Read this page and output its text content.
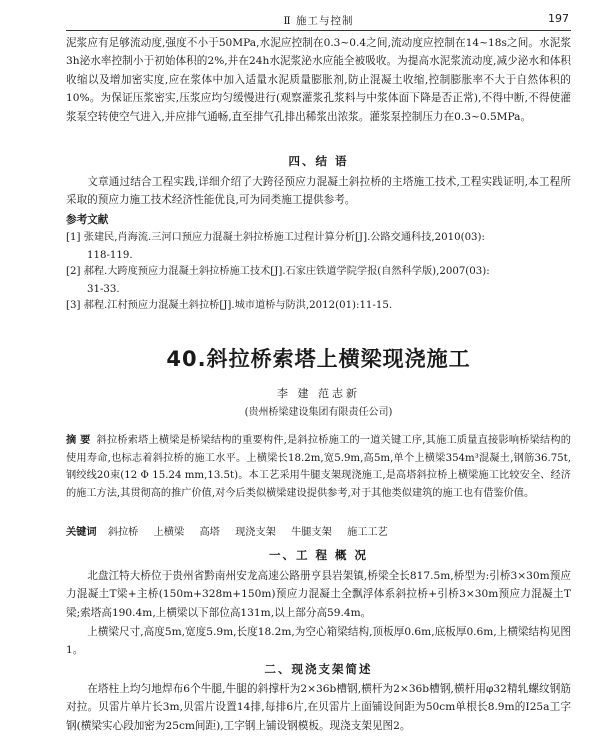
Ⅱ 施工与控制	197

泥浆应有足够流动度,强度不小于50MPa,水泥应控制在0.3~0.4之间,流动度应控制在14~18s之间。水泥浆3h泌水率控制小于初始体积的2%,并在24h水泥浆泌水应能全被吸收。为提高水泥浆流动度,减少泌水和体积收缩以及增加密实度,应在浆体中加入适量水泥质量膨胀剂,防止混凝土收缩,控制膨胀率不大于自然体积的10%。为保证压浆密实,压浆应均匀缓慢进行(观察灌浆孔浆料与中浆体面下降是否正常),不得中断,不得使灌浆泵空转使空气进入,并应排气通畅,直至排气孔排出稀浆出浓浆。灌浆泵控制压力在0.3~0.5MPa。

四、结 语

文章通过结合工程实践,详细介绍了大跨径预应力混凝土斜拉桥的主塔施工技术,工程实践证明,本工程所采取的预应力施工技术经济性能优良,可为同类施工提供参考。

参考文献
[1] 张建民,肖海流.三河口预应力混凝土斜拉桥施工过程计算分析[J].公路交通科技,2010(03):
118-119.
[2] 郝程.大跨度预应力混凝土斜拉桥施工技术[J].石家庄铁道学院学报(自然科学版),2007(03):
31-33.
[3] 郝程.江村预应力混凝土斜拉桥[J].城市道桥与防洪,2012(01):11-15.
40.斜拉桥索塔上横梁现浇施工
李 建 范志新
(贵州桥梁建设集团有限责任公司)

摘 要 斜拉桥索塔上横梁是桥梁结构的重要构件,是斜拉桥施工的一道关键工序,其施工质量直接影响桥梁结构的使用寿命,也标志着斜拉桥的施工水平。上横梁长18.2m,宽5.9m,高5m,单个上横梁354m³混凝土,钢筋36.75t,钢绞线20束(12 Φ 15.24 mm,13.5t)。本工艺采用牛腿支架现浇施工,是高塔斜拉桥上横梁施工比较安全、经济的施工方法,其贯彻高的推广价值,对今后类似横梁建设提供参考,对于其他类似建筑的施工也有借鉴价值。

关键词 斜拉桥 上横梁 高塔 现浇支架 牛腿支架 施工工艺
一、工 程 概 况

北盘江特大桥位于贵州省黔南州安龙高速公路册亨县岩架镇,桥梁全长817.5m,桥型为:引桥3×30m预应力混凝土T梁+主桥(150m+328m+150m)预应力混凝土全飘浮体系斜拉桥+引桥3×30m预应力混凝土T梁;索塔高190.4m,上横梁以下部位高131m,以上部分高59.4m。

上横梁尺寸,高度5m,宽度5.9m,长度18.2m,为空心箱梁结构,顶板厚0.6m,底板厚0.6m,上横梁结构见图1。

二、现浇支架简述

在塔柱上均匀地焊布6个牛腿,牛腿的斜撑杆为2×36b槽钢,横杆为2×36b槽钢,横杆用φ32精轧螺纹钢筋对拉。贝雷片单片长3m,贝雷片设置14排,每排6片,在贝雷片上面铺设间距为50cm单根长8.9m的I25a工字钢(横梁实心段加密为25cm间距),工字钢上铺设钢模板。现浇支架见图2。
